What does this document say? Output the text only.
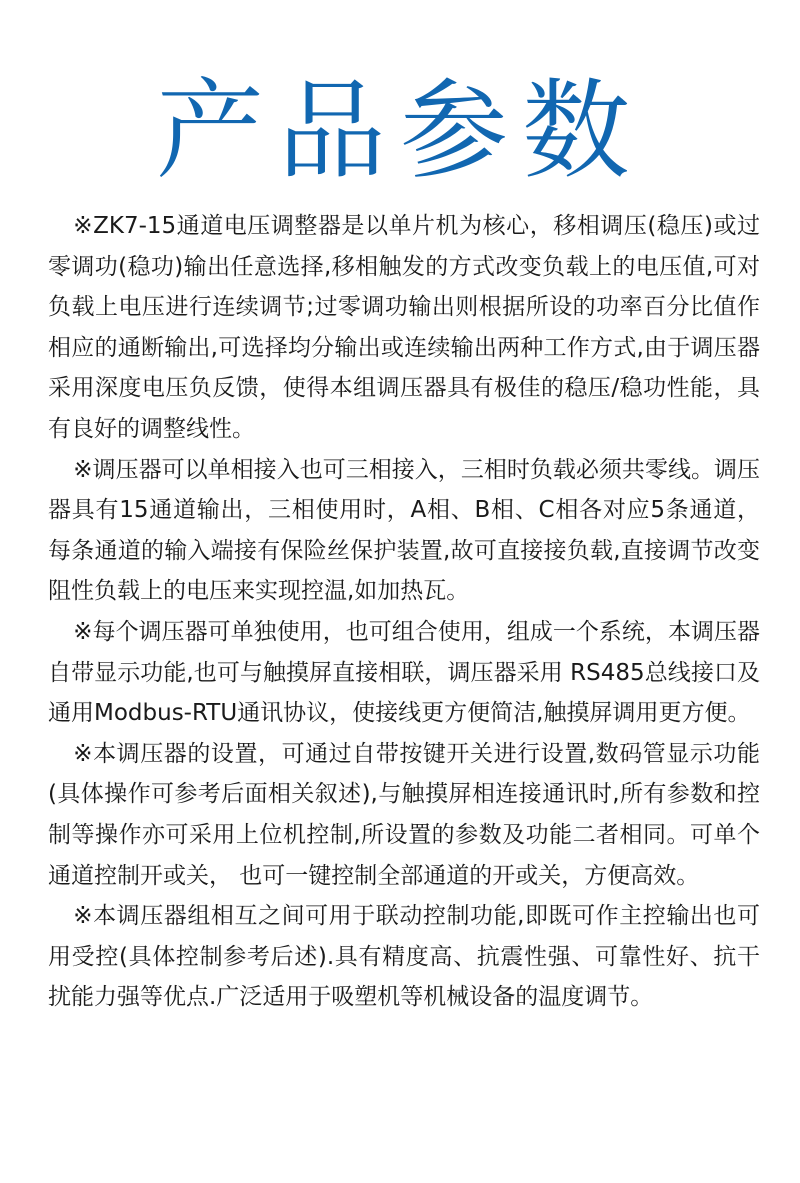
产品参数

※ZK7-15通道电压调整器是以单片机为核心，移相调压(稳压)或过零调功(稳功)输出任意选择,移相触发的方式改变负载上的电压值,可对负载上电压进行连续调节;过零调功输出则根据所设的功率百分比值作相应的通断输出,可选择均分输出或连续输出两种工作方式,由于调压器采用深度电压负反馈，使得本组调压器具有极佳的稳压/稳功性能，具有良好的调整线性。

※调压器可以单相接入也可三相接入，三相时负载必须共零线。调压器具有15通道输出，三相使用时，A相、B相、C相各对应5条通道，每条通道的输入端接有保险丝保护装置,故可直接接负载,直接调节改变阻性负载上的电压来实现控温,如加热瓦。

※每个调压器可单独使用，也可组合使用，组成一个系统，本调压器自带显示功能,也可与触摸屏直接相联，调压器采用 RS485总线接口及通用Modbus-RTU通讯协议，使接线更方便简洁,触摸屏调用更方便。

※本调压器的设置，可通过自带按键开关进行设置,数码管显示功能(具体操作可参考后面相关叙述),与触摸屏相连接通讯时,所有参数和控制等操作亦可采用上位机控制,所设置的参数及功能二者相同。可单个通道控制开或关， 也可一键控制全部通道的开或关，方便高效。

※本调压器组相互之间可用于联动控制功能,即既可作主控输出也可用受控(具体控制参考后述).具有精度高、抗震性强、可靠性好、抗干扰能力强等优点.广泛适用于吸塑机等机械设备的温度调节。
